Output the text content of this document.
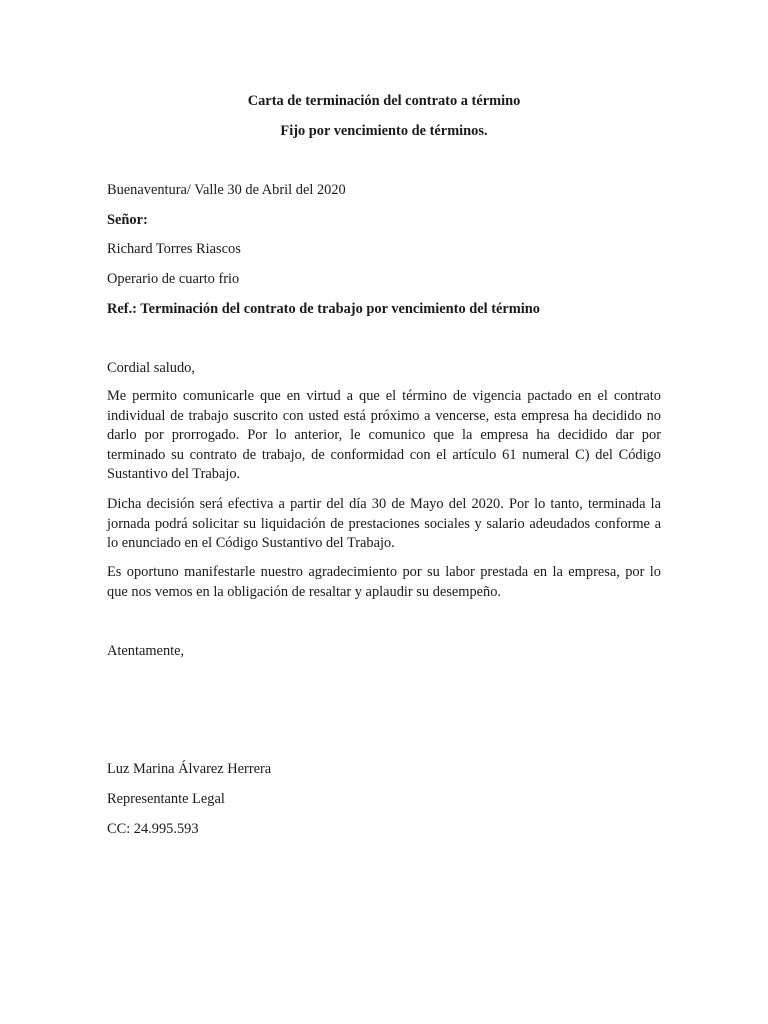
Carta de terminación del contrato a término
Fijo por vencimiento de términos.
Buenaventura/ Valle 30 de Abril del 2020
Señor:
Richard Torres Riascos
Operario de cuarto frio
Ref.: Terminación del contrato de trabajo por vencimiento del término
Cordial saludo,
Me permito comunicarle que en virtud a que el término de vigencia pactado en el contrato individual de trabajo suscrito con usted está próximo a vencerse, esta empresa ha decidido no darlo por prorrogado. Por lo anterior, le comunico que la empresa ha decidido dar por terminado su contrato de trabajo, de conformidad con el artículo 61 numeral C) del Código Sustantivo del Trabajo.
Dicha decisión será efectiva a partir del día 30 de Mayo del 2020. Por lo tanto, terminada la jornada podrá solicitar su liquidación de prestaciones sociales y salario adeudados conforme a lo enunciado en el Código Sustantivo del Trabajo.
Es oportuno manifestarle nuestro agradecimiento por su labor prestada en la empresa, por lo que nos vemos en la obligación de resaltar y aplaudir su desempeño.
Atentamente,
Luz Marina Álvarez Herrera
Representante Legal
CC: 24.995.593
